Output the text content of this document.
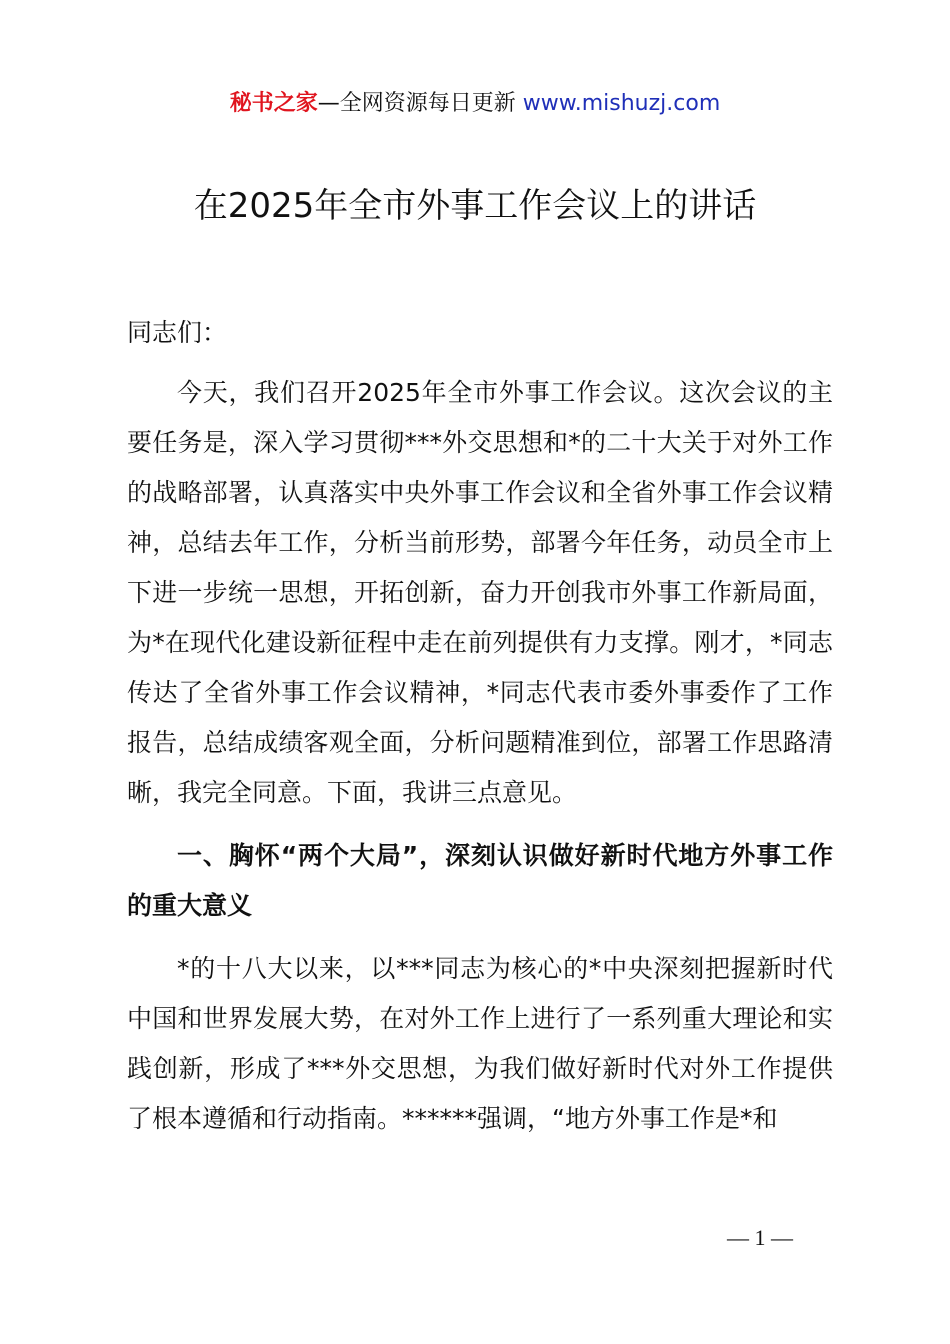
秘书之家—全网资源每日更新 www.mishuzj.com
在2025年全市外事工作会议上的讲话

同志们：

今天，我们召开2025年全市外事工作会议。这次会议的主要任务是，深入学习贯彻***外交思想和*的二十大关于对外工作的战略部署，认真落实中央外事工作会议和全省外事工作会议精神，总结去年工作，分析当前形势，部署今年任务，动员全市上下进一步统一思想，开拓创新，奋力开创我市外事工作新局面，为*在现代化建设新征程中走在前列提供有力支撑。刚才，*同志传达了全省外事工作会议精神，*同志代表市委外事委作了工作报告，总结成绩客观全面，分析问题精准到位，部署工作思路清晰，我完全同意。下面，我讲三点意见。

一、胸怀“两个大局”，深刻认识做好新时代地方外事工作的重大意义

*的十八大以来，以***同志为核心的*中央深刻把握新时代中国和世界发展大势，在对外工作上进行了一系列重大理论和实践创新，形成了***外交思想，为我们做好新时代对外工作提供了根本遵循和行动指南。******强调，“地方外事工作是*和

— 1 —
